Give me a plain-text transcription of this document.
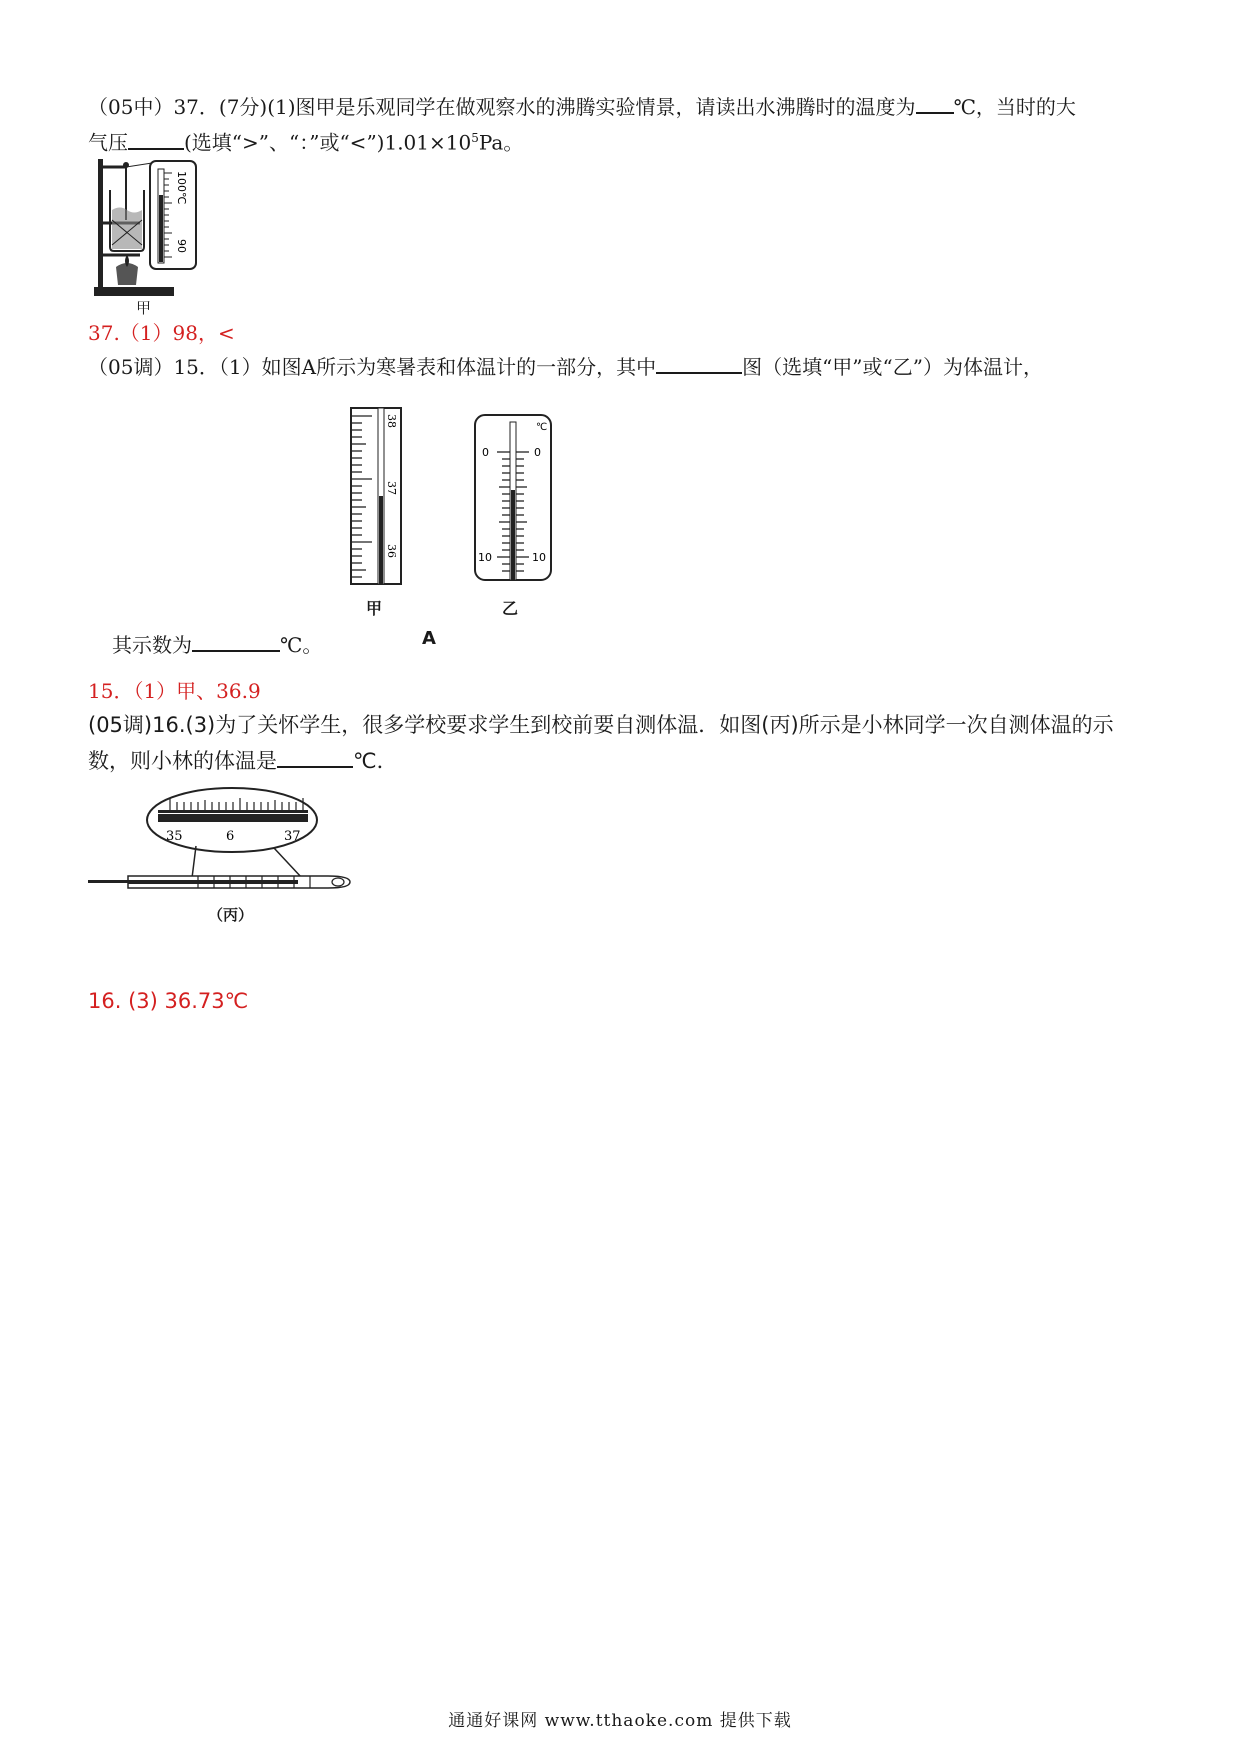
（05中）37．(7分)(1)图甲是乐观同学在做观察水的沸腾实验情景，请读出水沸腾时的温度为 ℃，当时的大
气压	(选填“>”、“：”或“$<”)1.01\times 10^5Pa$。
100℃
90
甲
37.（1）98，<
（05调）15．（1）如图A所示为寒暑表和体温计的一部分，其中	图（选填“甲”或“乙”）为体温计，
38
37
36
℃
0	0
10	10
甲	乙
A
其示数为	℃。
15．（1）甲、36.9
(05调)16.(3)为了关怀学生，很多学校要求学生到校前要自测体温．如图(丙)所示是小林同学一次自测体温的示
数，则小林的体温是	℃．
35	6	37
（丙）
16. (3) 36.73℃
通通好课网 www.tthaoke.com 提供下载
